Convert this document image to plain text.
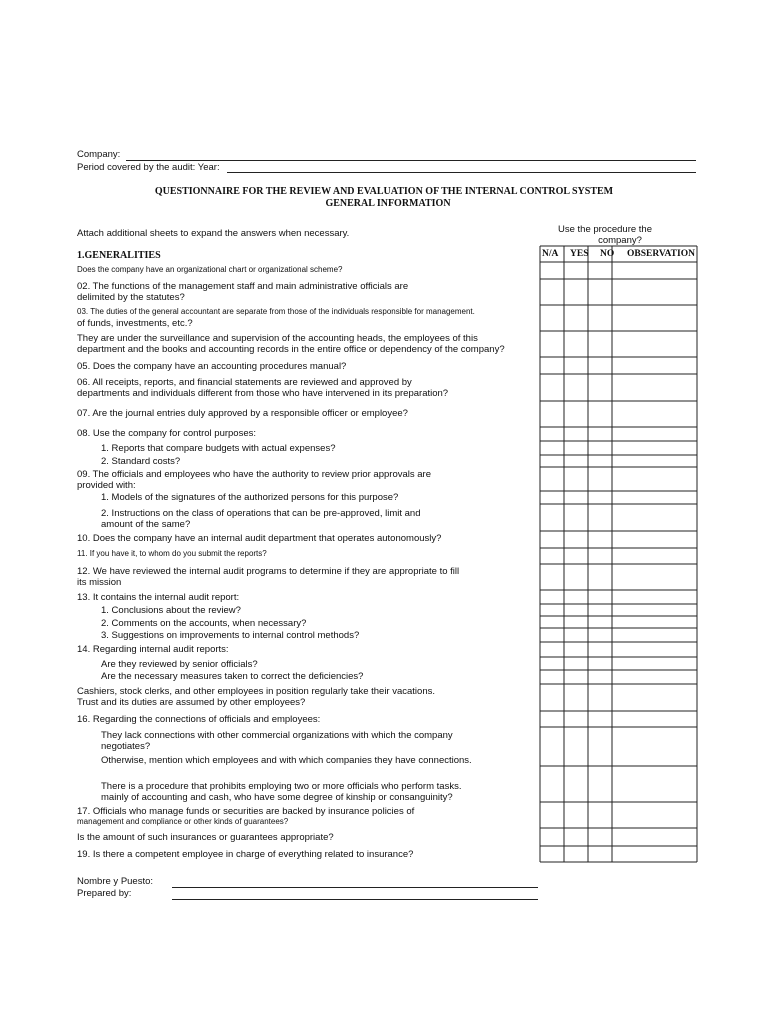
Company:
Period covered by the audit: Year:
QUESTIONNAIRE FOR THE REVIEW AND EVALUATION OF THE INTERNAL CONTROL SYSTEM
GENERAL INFORMATION
Attach additional sheets to expand the answers when necessary.	Use the procedure the
company?
1.GENERALITIES	N/A YES NO OBSERVATION
Does the company have an organizational chart or organizational scheme?
02. The functions of the management staff and main administrative officials are
delimited by the statutes?
03. The duties of the general accountant are separate from those of the individuals responsible for management.
of funds, investments, etc.?
They are under the surveillance and supervision of the accounting heads, the employees of this
department and the books and accounting records in the entire office or dependency of the company?
05. Does the company have an accounting procedures manual?
06. All receipts, reports, and financial statements are reviewed and approved by
departments and individuals different from those who have intervened in its preparation?
07. Are the journal entries duly approved by a responsible officer or employee?
08. Use the company for control purposes:
1. Reports that compare budgets with actual expenses?
2. Standard costs?
09. The officials and employees who have the authority to review prior approvals are
provided with:
1. Models of the signatures of the authorized persons for this purpose?
2. Instructions on the class of operations that can be pre-approved, limit and
amount of the same?
10. Does the company have an internal audit department that operates autonomously?
11. If you have it, to whom do you submit the reports?
12. We have reviewed the internal audit programs to determine if they are appropriate to fill
its mission
13. It contains the internal audit report:
1. Conclusions about the review?
2. Comments on the accounts, when necessary?
3. Suggestions on improvements to internal control methods?
14. Regarding internal audit reports:
Are they reviewed by senior officials?
Are the necessary measures taken to correct the deficiencies?
Cashiers, stock clerks, and other employees in position regularly take their vacations.
Trust and its duties are assumed by other employees?
16. Regarding the connections of officials and employees:
They lack connections with other commercial organizations with which the company
negotiates?
Otherwise, mention which employees and with which companies they have connections.
There is a procedure that prohibits employing two or more officials who perform tasks.
mainly of accounting and cash, who have some degree of kinship or consanguinity?
17. Officials who manage funds or securities are backed by insurance policies of
management and compliance or other kinds of guarantees?
Is the amount of such insurances or guarantees appropriate?
19. Is there a competent employee in charge of everything related to insurance?
Nombre y Puesto:
Prepared by:
